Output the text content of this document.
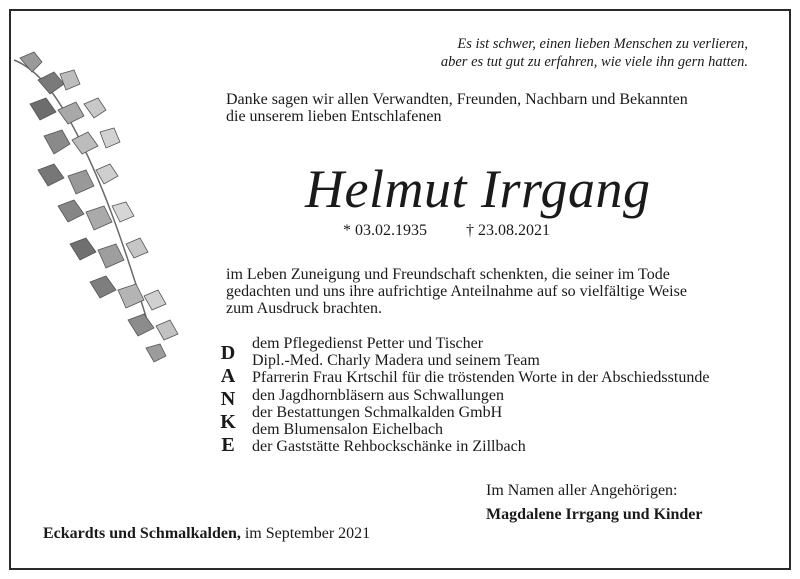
Es ist schwer, einen lieben Menschen zu verlieren,
aber es tut gut zu erfahren, wie viele ihn gern hatten.
Danke sagen wir allen Verwandten, Freunden, Nachbarn und Bekannten
die unserem lieben Entschlafenen
Helmut Irrgang
* 03.02.1935 † 23.08.2021
im Leben Zuneigung und Freundschaft schenkten, die seiner im Tode
gedachten und uns ihre aufrichtige Anteilnahme auf so vielfältige Weise
zum Ausdruck brachten.
D
A
N
K
E
dem Pflegedienst Petter und Tischer
Dipl.-Med. Charly Madera und seinem Team
Pfarrerin Frau Krtschil für die tröstenden Worte in der Abschiedsstunde
den Jagdhornbläsern aus Schwallungen
der Bestattungen Schmalkalden GmbH
dem Blumensalon Eichelbach
der Gaststätte Rehbockschänke in Zillbach
Im Namen aller Angehörigen:
Magdalene Irrgang und Kinder
Eckardts und Schmalkalden, im September 2021
